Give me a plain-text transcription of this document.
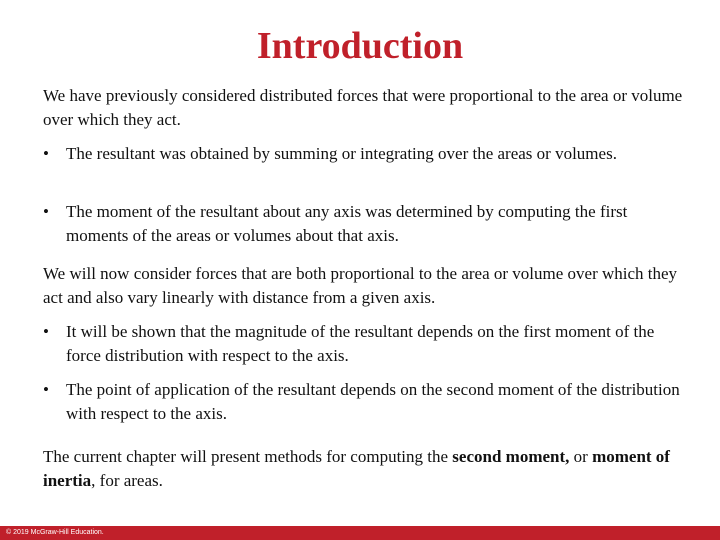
Introduction
We have previously considered distributed forces that were proportional to the area or volume over which they act.
• The resultant was obtained by summing or integrating over the areas or volumes.
• The moment of the resultant about any axis was determined by computing the first moments of the areas or volumes about that axis.
We will now consider forces that are both proportional to the area or volume over which they act and also vary linearly with distance from a given axis.
• It will be shown that the magnitude of the resultant depends on the first moment of the force distribution with respect to the axis.
• The point of application of the resultant depends on the second moment of the distribution with respect to the axis.
The current chapter will present methods for computing the second moment, or moment of inertia, for areas.
© 2019 McGraw-Hill Education.
